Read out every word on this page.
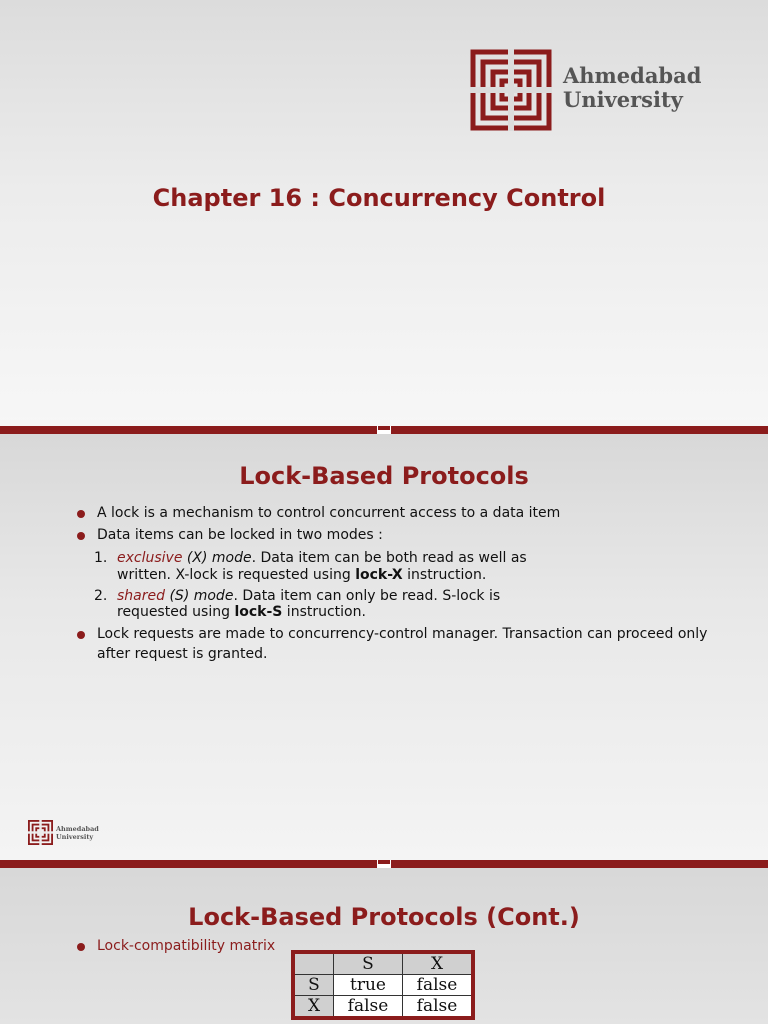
Ahmedabad
University
Chapter 16 : Concurrency Control
Lock-Based Protocols
A lock is a mechanism to control concurrent access to a data item
Data items can be locked in two modes :
1. exclusive (X) mode. Data item can be both read as well as
written. X-lock is requested using lock-X instruction.
2. shared (S) mode. Data item can only be read. S-lock is
requested using lock-S instruction.
Lock requests are made to concurrency-control manager. Transaction can proceed only
after request is granted.
Ahmedabad
University
Lock-Based Protocols (Cont.)
Lock-compatibility matrix
	S	X
S	true	false
X	false	false
